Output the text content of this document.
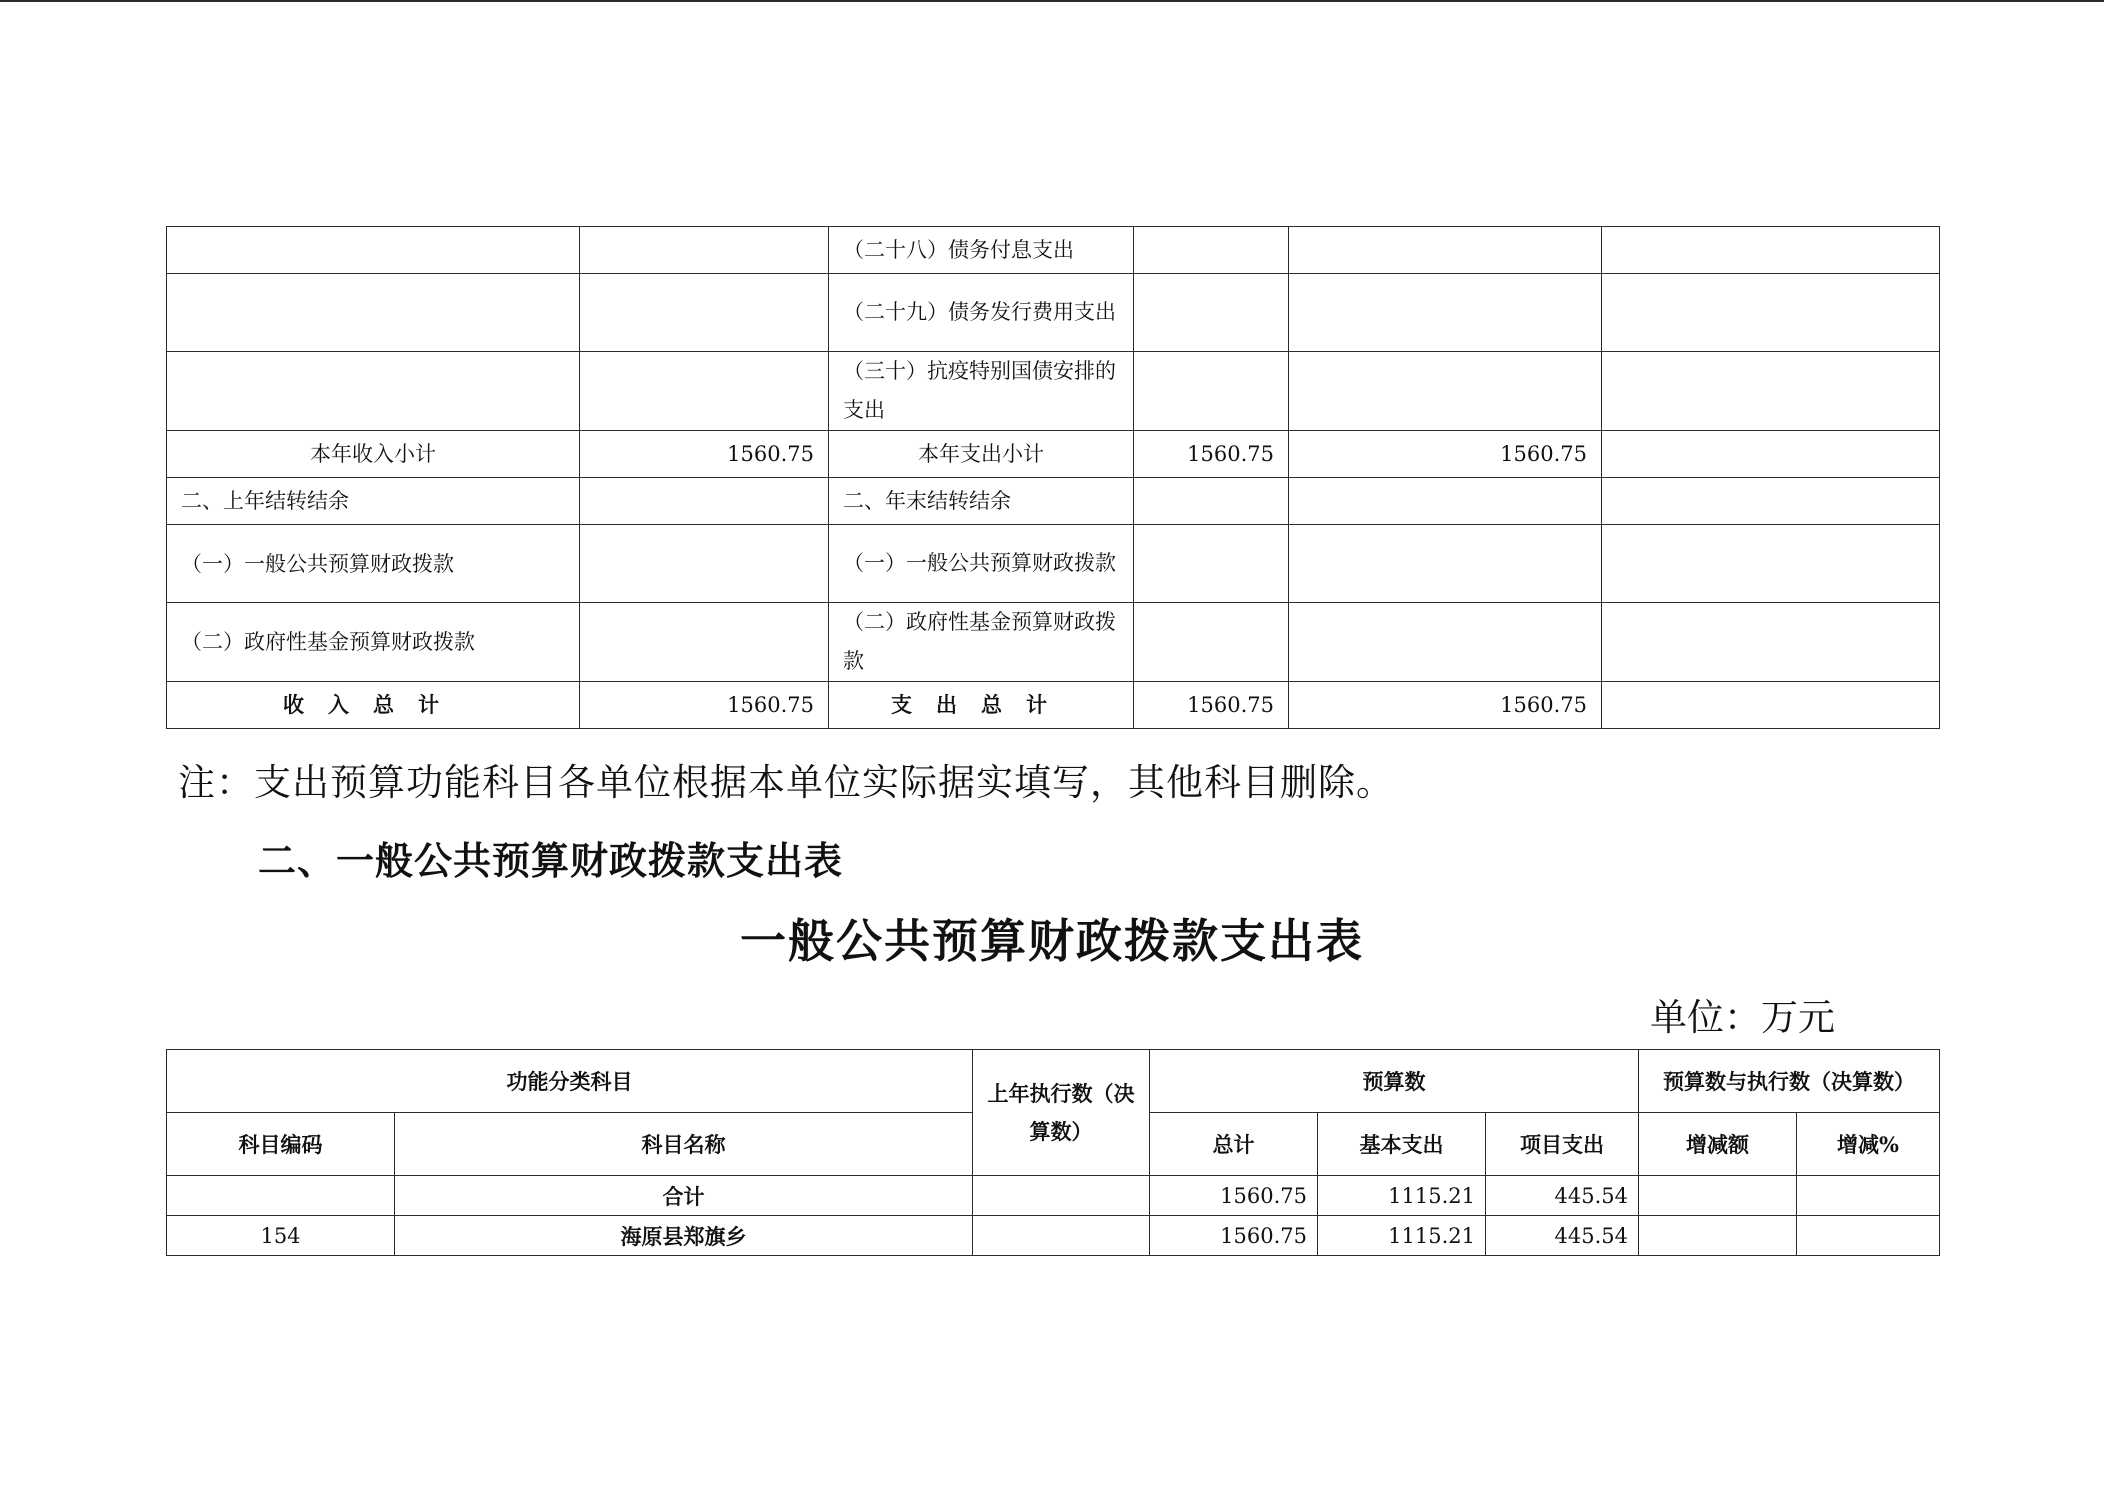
		（二十八）债务付息支出			
		（二十九）债务发行费用支出			
		（三十）抗疫特别国债安排的支出			
本年收入小计	1560.75	本年支出小计	1560.75	1560.75	
二、上年结转结余		二、年末结转结余			
（一）一般公共预算财政拨款		（一）一般公共预算财政拨款			
（二）政府性基金预算财政拨款		（二）政府性基金预算财政拨款			
收入总计	1560.75	支出总计	1560.75	1560.75	
注：支出预算功能科目各单位根据本单位实际据实填写，其他科目删除。
二、一般公共预算财政拨款支出表
一般公共预算财政拨款支出表
单位：万元
功能分类科目		上年执行数（决算数）	预算数			预算数与执行数（决算数）	
科目编码	科目名称		总计	基本支出	项目支出	增减额	增减%
	合计		1560.75	1115.21	445.54		
154	海原县郑旗乡		1560.75	1115.21	445.54		
